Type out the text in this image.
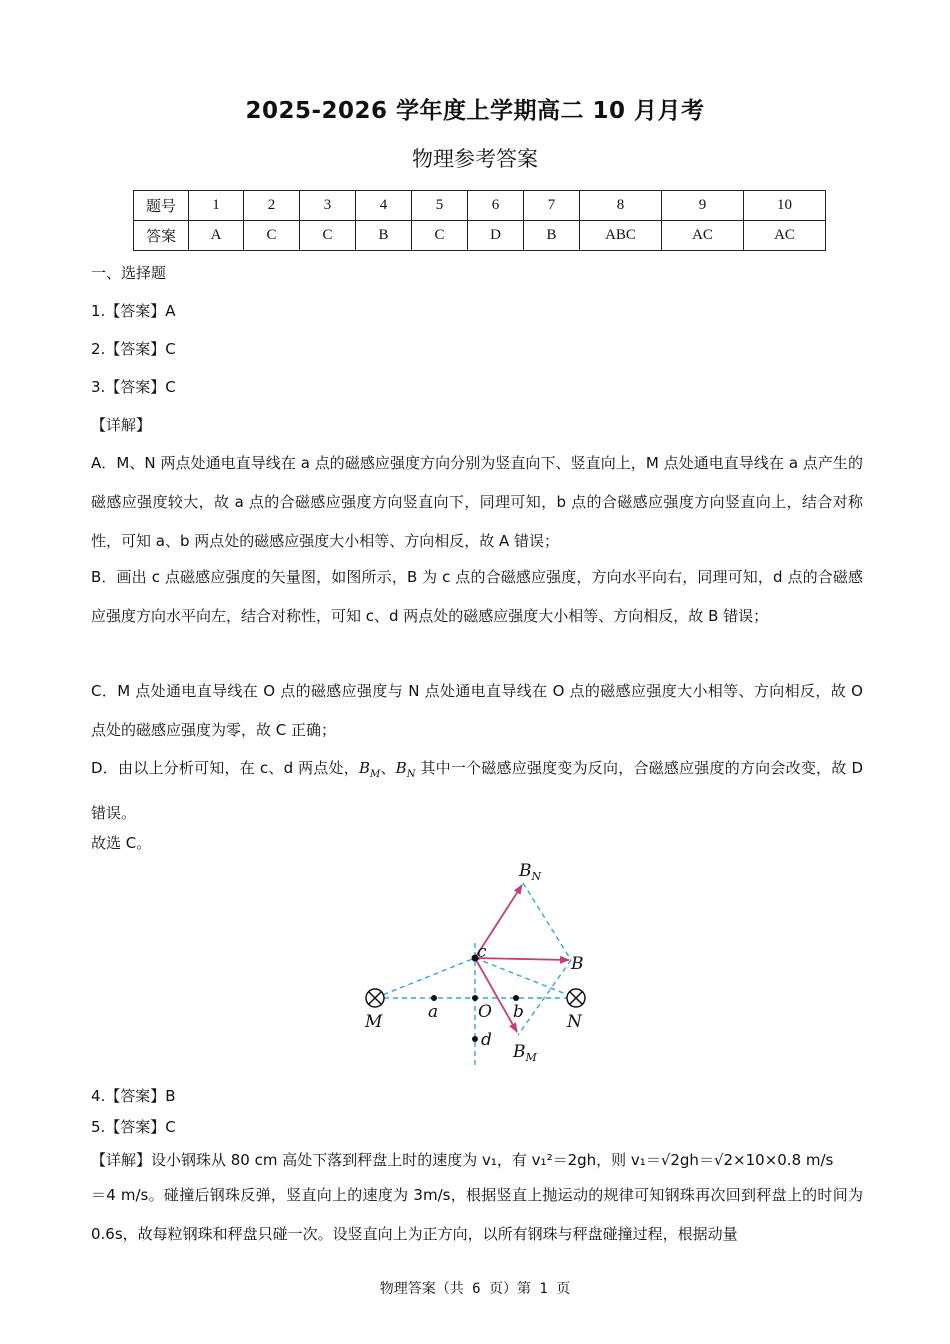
2025-2026 学年度上学期高二 10 月月考
物理参考答案
题号	1	2	3	4	5	6	7	8	9	10
答案	A	C	C	B	C	D	B	ABC	AC	AC
一、选择题
1.【答案】A
2.【答案】C
3.【答案】C
【详解】
A．M、N 两点处通电直导线在 a 点的磁感应强度方向分别为竖直向下、竖直向上，M 点处通电直导线在 a 点产生的磁感应强度较大，故 a 点的合磁感应强度方向竖直向下，同理可知，b 点的合磁感应强度方向竖直向上，结合对称性，可知 a、b 两点处的磁感应强度大小相等、方向相反，故 A 错误；
B．画出 c 点磁感应强度的矢量图，如图所示，B 为 c 点的合磁感应强度，方向水平向右，同理可知，d 点的合磁感应强度方向水平向左，结合对称性，可知 c、d 两点处的磁感应强度大小相等、方向相反，故 B 错误；
C．M 点处通电直导线在 O 点的磁感应强度与 N 点处通电直导线在 O 点的磁感应强度大小相等、方向相反，故 O 点处的磁感应强度为零，故 C 正确；
D．由以上分析可知，在 c、d 两点处，$B_M$、$B_N$ 其中一个磁感应强度变为反向，合磁感应强度的方向会改变，故 D 错误。
故选 C。
$B_N$
c
B
M	a O b	N
d
$B_M$
4.【答案】B
5.【答案】C
【详解】设小钢珠从 80 cm 高处下落到秤盘上时的速度为 v₁，有 v₁²＝2gh，则 v₁＝√2gh＝√2×10×0.8 m/s
＝4 m/s。碰撞后钢珠反弹，竖直向上的速度为 3m/s，根据竖直上抛运动的规律可知钢珠再次回到秤盘上的时间为 0.6s，故每粒钢珠和秤盘只碰一次。设竖直向上为正方向，以所有钢珠与秤盘碰撞过程，根据动量
物理答案（共 6 页）第 1 页
